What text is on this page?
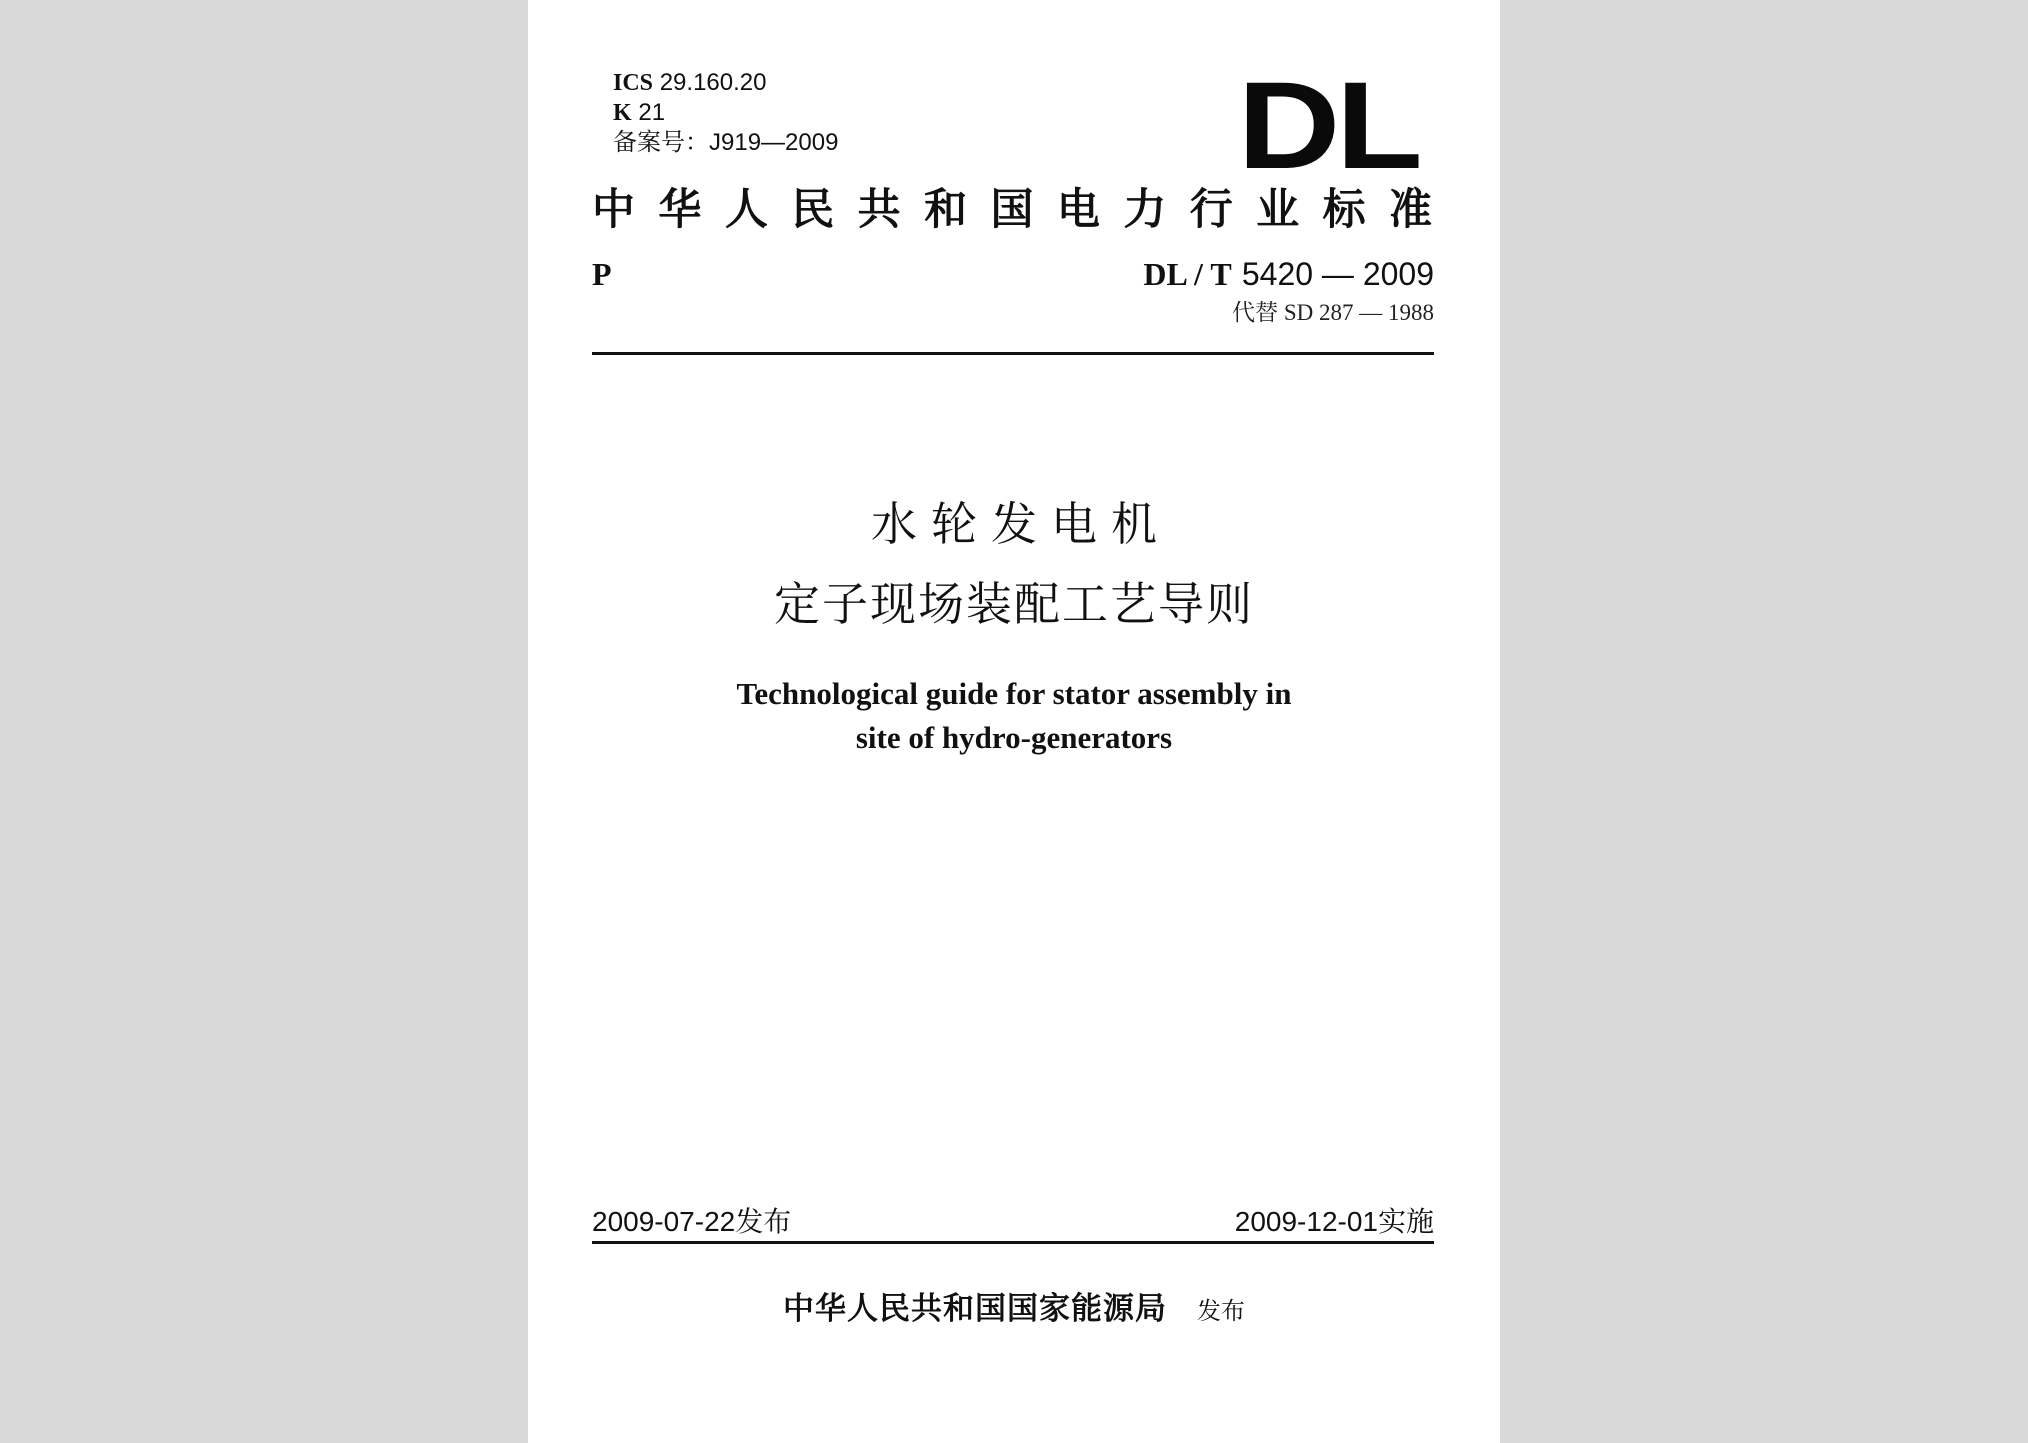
ICS 29.160.20
K 21
备案号：J919—2009	DL
中华人民共和国电力行业标准
P	DL / T 5420 — 2009
代替 SD 287 — 1988
水轮发电机
定子现场装配工艺导则
Technological guide for stator assembly in
site of hydro-generators
2009-07-22发布	2009-12-01实施
中华人民共和国国家能源局 发布
